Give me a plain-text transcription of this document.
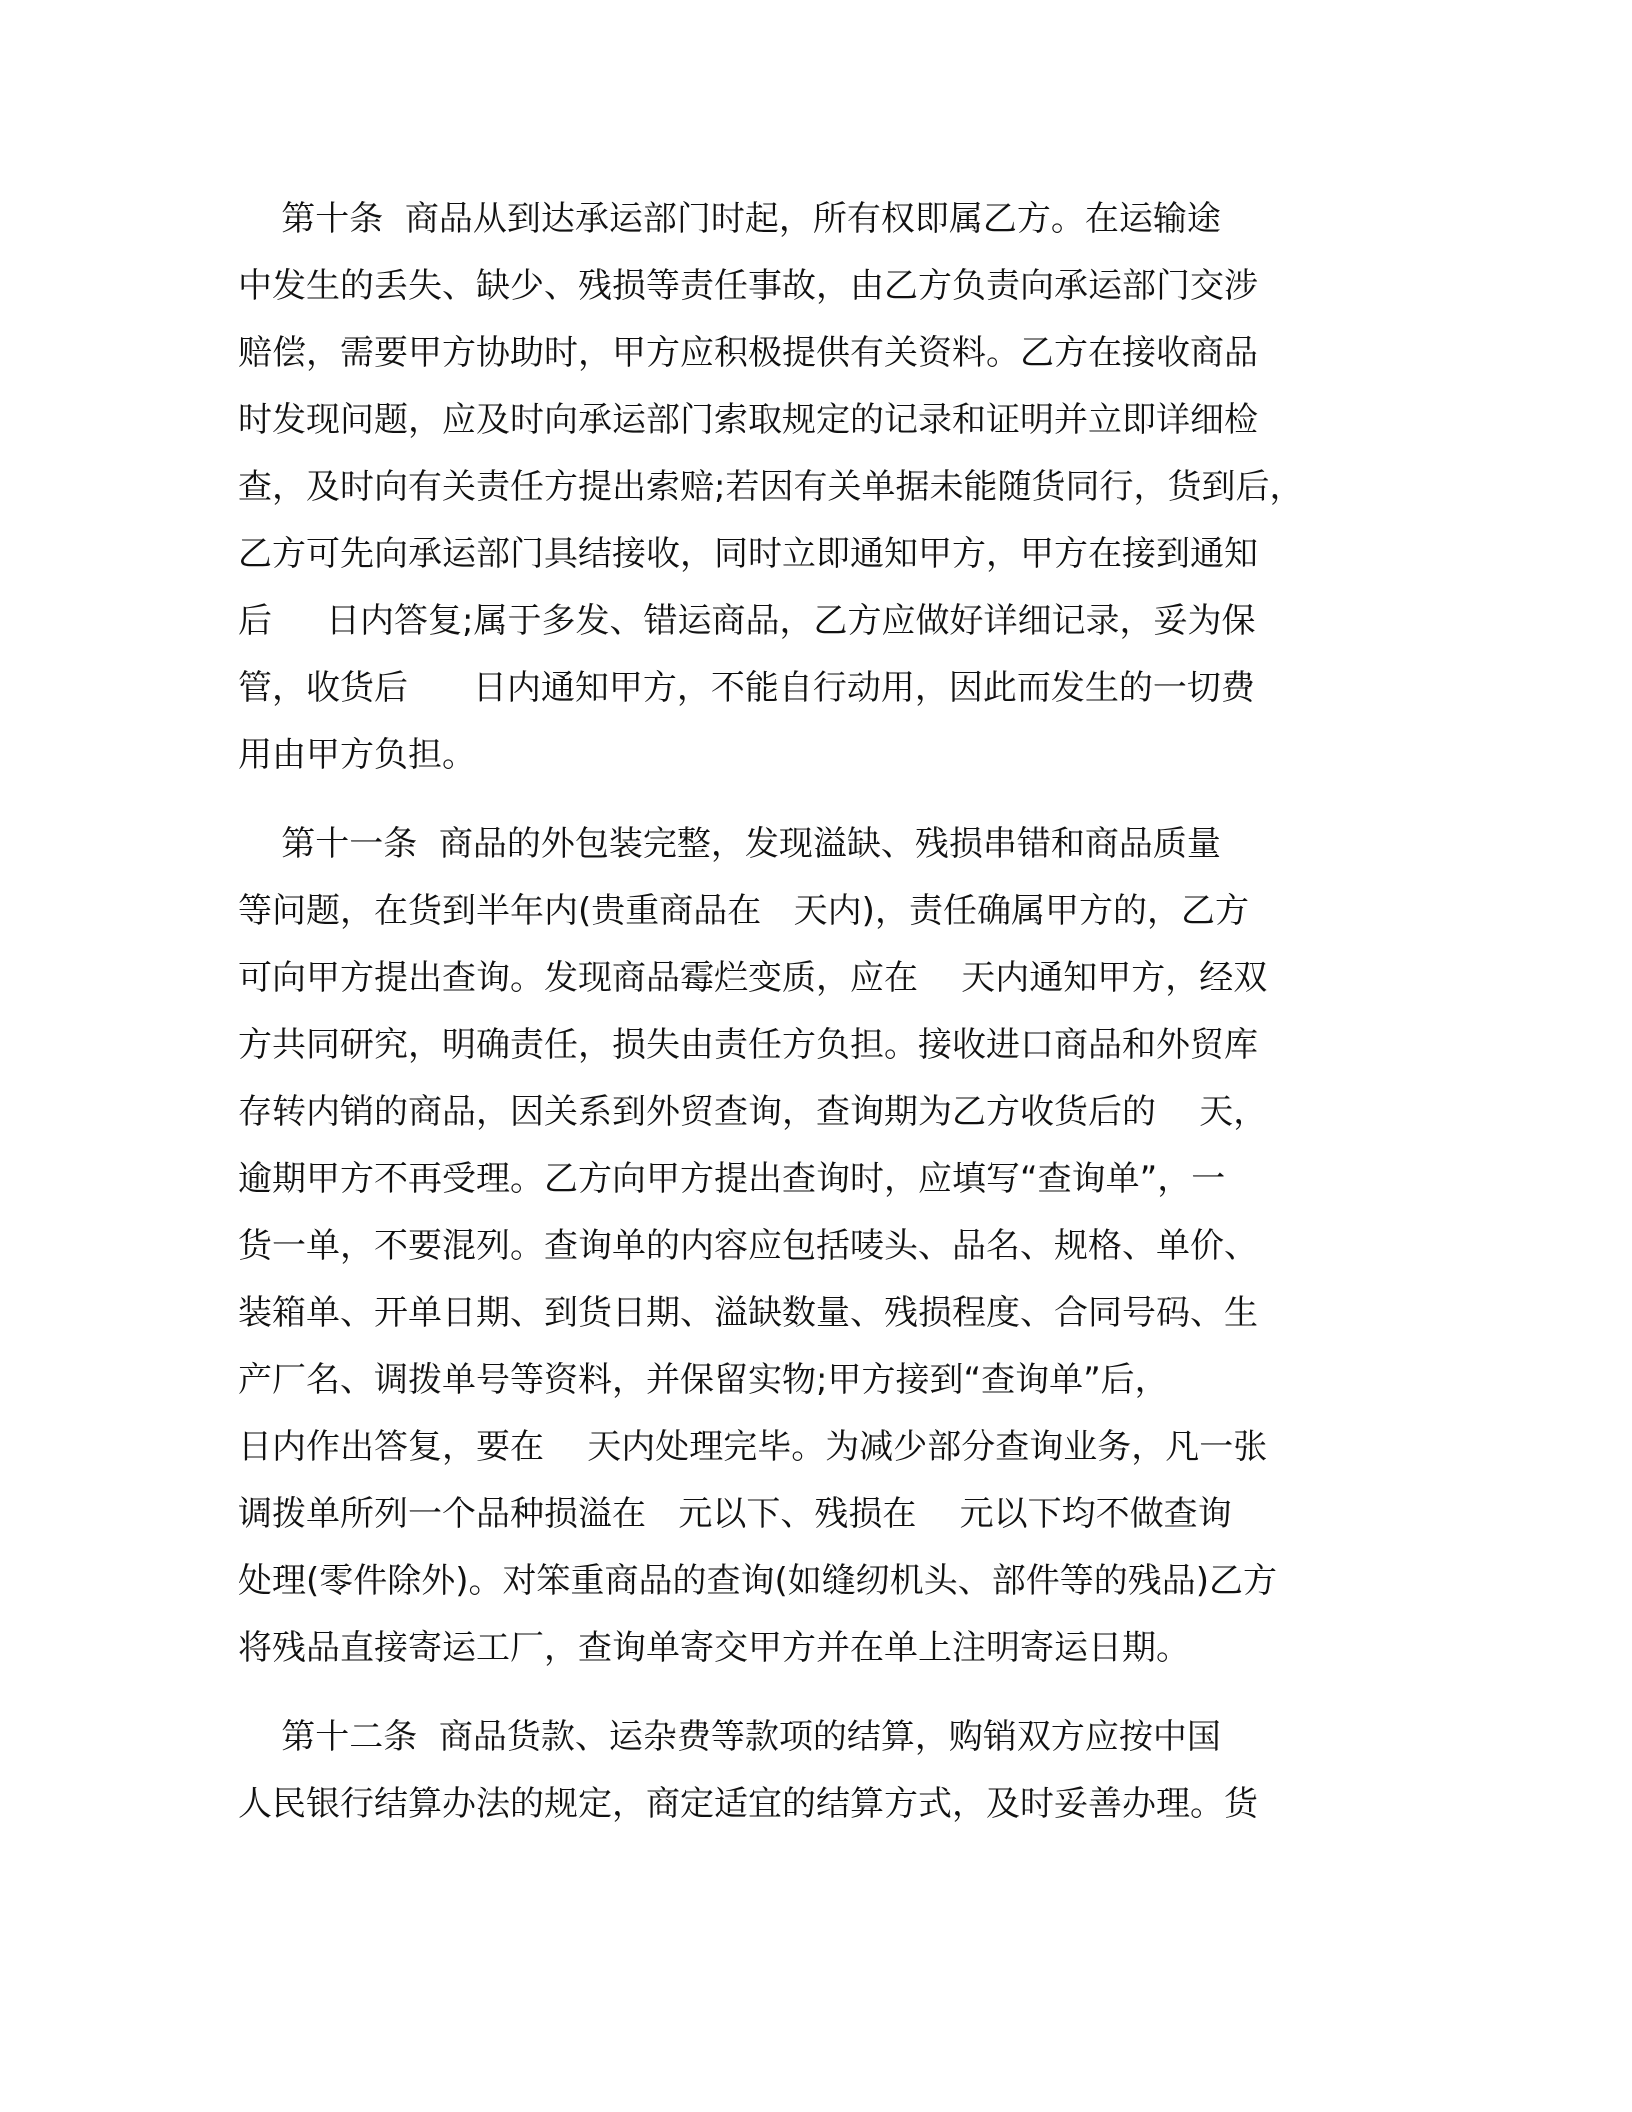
第十条  商品从到达承运部门时起，所有权即属乙方。在运输途
中发生的丢失、缺少、残损等责任事故，由乙方负责向承运部门交涉
赔偿，需要甲方协助时，甲方应积极提供有关资料。乙方在接收商品
时发现问题，应及时向承运部门索取规定的记录和证明并立即详细检
查，及时向有关责任方提出索赔;若因有关单据未能随货同行，货到后，
乙方可先向承运部门具结接收，同时立即通知甲方，甲方在接到通知
后     日内答复;属于多发、错运商品，乙方应做好详细记录，妥为保
管，收货后      日内通知甲方，不能自行动用，因此而发生的一切费
用由甲方负担。
第十一条  商品的外包装完整，发现溢缺、残损串错和商品质量
等问题，在货到半年内(贵重商品在   天内)，责任确属甲方的，乙方
可向甲方提出查询。发现商品霉烂变质，应在    天内通知甲方，经双
方共同研究，明确责任，损失由责任方负担。接收进口商品和外贸库
存转内销的商品，因关系到外贸查询，查询期为乙方收货后的    天，
逾期甲方不再受理。乙方向甲方提出查询时，应填写“查询单”，一
货一单，不要混列。查询单的内容应包括唛头、品名、规格、单价、
装箱单、开单日期、到货日期、溢缺数量、残损程度、合同号码、生
产厂名、调拨单号等资料，并保留实物;甲方接到“查询单”后，
日内作出答复，要在    天内处理完毕。为减少部分查询业务，凡一张
调拨单所列一个品种损溢在   元以下、残损在    元以下均不做查询
处理(零件除外)。对笨重商品的查询(如缝纫机头、部件等的残品)乙方
将残品直接寄运工厂，查询单寄交甲方并在单上注明寄运日期。
第十二条  商品货款、运杂费等款项的结算，购销双方应按中国
人民银行结算办法的规定，商定适宜的结算方式，及时妥善办理。货
